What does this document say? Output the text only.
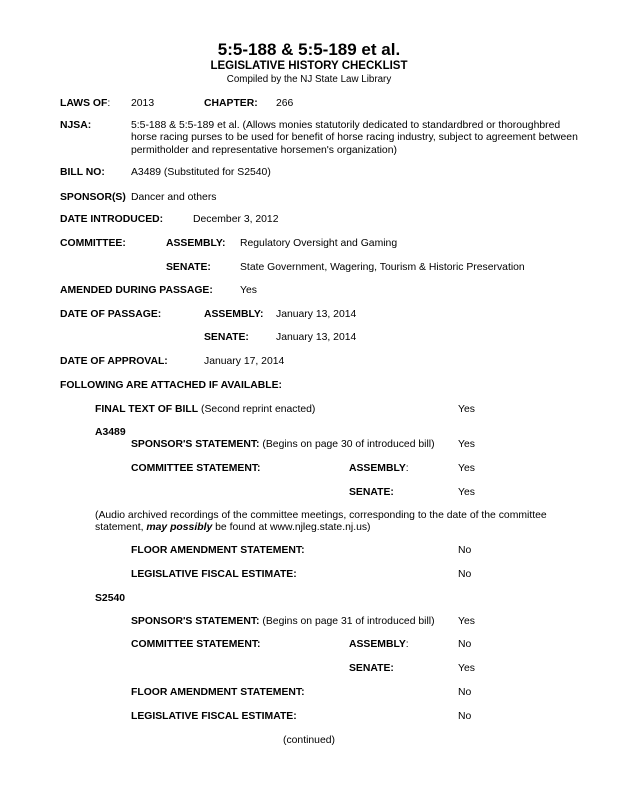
5:5-188 & 5:5-189 et al.
LEGISLATIVE HISTORY CHECKLIST
Compiled by the NJ State Law Library
LAWS OF: 2013	CHAPTER: 266
NJSA:	5:5-188 & 5:5-189 et al. (Allows monies statutorily dedicated to standardbred or thoroughbred horse racing purses to be used for benefit of horse racing industry, subject to agreement between permitholder and representative horsemen's organization)
BILL NO:	A3489 (Substituted for S2540)
SPONSOR(S) Dancer and others
DATE INTRODUCED:	December 3, 2012
COMMITTEE:	ASSEMBLY: Regulatory Oversight and Gaming
SENATE:	State Government, Wagering, Tourism & Historic Preservation
AMENDED DURING PASSAGE:	Yes
DATE OF PASSAGE:	ASSEMBLY: January 13, 2014
SENATE:	January 13, 2014
DATE OF APPROVAL:	January 17, 2014
FOLLOWING ARE ATTACHED IF AVAILABLE:
FINAL TEXT OF BILL (Second reprint enacted)	Yes
A3489
SPONSOR'S STATEMENT: (Begins on page 30 of introduced bill) Yes
COMMITTEE STATEMENT:	ASSEMBLY:	Yes
SENATE:	Yes
(Audio archived recordings of the committee meetings, corresponding to the date of the committee statement, may possibly be found at www.njleg.state.nj.us)
FLOOR AMENDMENT STATEMENT:	No
LEGISLATIVE FISCAL ESTIMATE:	No
S2540
SPONSOR'S STATEMENT: (Begins on page 31 of introduced bill) Yes
COMMITTEE STATEMENT:	ASSEMBLY:	No
SENATE:	Yes
FLOOR AMENDMENT STATEMENT:	No
LEGISLATIVE FISCAL ESTIMATE:	No
(continued)
